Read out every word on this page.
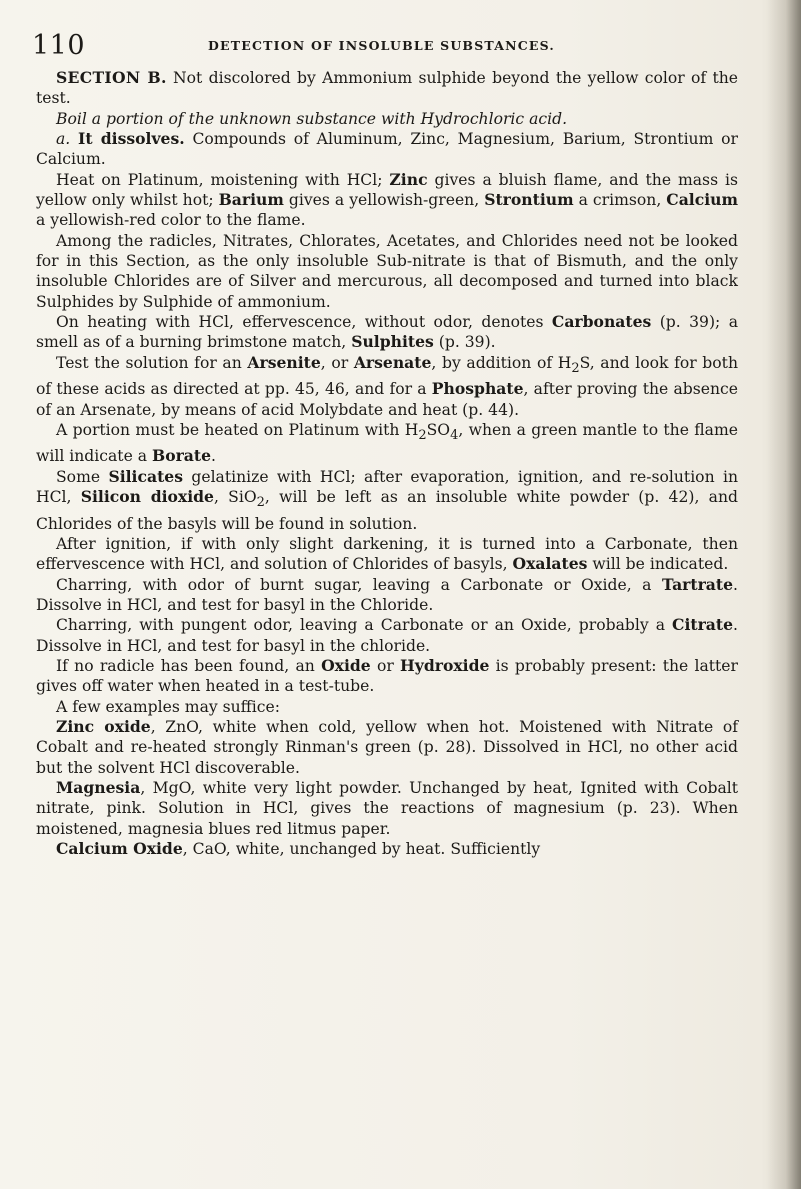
110	DETECTION OF INSOLUBLE SUBSTANCES.

SECTION B. Not discolored by Ammonium sulphide beyond the yellow color of the test.

Boil a portion of the unknown substance with Hydrochloric acid.

a. It dissolves. Compounds of Aluminum, Zinc, Magnesium, Barium, Strontium or Calcium.

Heat on Platinum, moistening with HCl; Zinc gives a bluish flame, and the mass is yellow only whilst hot; Barium gives a yellowish-green, Strontium a crimson, Calcium a yellowish-red color to the flame.

Among the radicles, Nitrates, Chlorates, Acetates, and Chlorides need not be looked for in this Section, as the only insoluble Sub-nitrate is that of Bismuth, and the only insoluble Chlorides are of Silver and mercurous, all decomposed and turned into black Sulphides by Sulphide of ammonium.

On heating with HCl, effervescence, without odor, denotes Carbonates (p. 39); a smell as of a burning brimstone match, Sulphites (p. 39).

Test the solution for an Arsenite, or Arsenate, by addition of $H_2S$, and look for both of these acids as directed at pp. 45, 46, and for a Phosphate, after proving the absence of an Arsenate, by means of acid Molybdate and heat (p. 44).

A portion must be heated on Platinum with $H_2SO_4$, when a green mantle to the flame will indicate a Borate.

Some Silicates gelatinize with HCl; after evaporation, ignition, and re-solution in HCl, Silicon dioxide, SiO$_2$, will be left as an insoluble white powder (p. 42), and Chlorides of the basyls will be found in solution.

After ignition, if with only slight darkening, it is turned into a Carbonate, then effervescence with HCl, and solution of Chlorides of basyls, Oxalates will be indicated.

Charring, with odor of burnt sugar, leaving a Carbonate or Oxide, a Tartrate. Dissolve in HCl, and test for basyl in the Chloride.

Charring, with pungent odor, leaving a Carbonate or an Oxide, probably a Citrate. Dissolve in HCl, and test for basyl in the chloride.

If no radicle has been found, an Oxide or Hydroxide is probably present: the latter gives off water when heated in a test-tube.

A few examples may suffice:

Zinc oxide, ZnO, white when cold, yellow when hot. Moistened with Nitrate of Cobalt and re-heated strongly Rinman's green (p. 28). Dissolved in HCl, no other acid but the solvent HCl discoverable.

Magnesia, MgO, white very light powder. Unchanged by heat, Ignited with Cobalt nitrate, pink. Solution in HCl, gives the reactions of magnesium (p. 23). When moistened, magnesia blues red litmus paper.

Calcium Oxide, CaO, white, unchanged by heat. Sufficiently
